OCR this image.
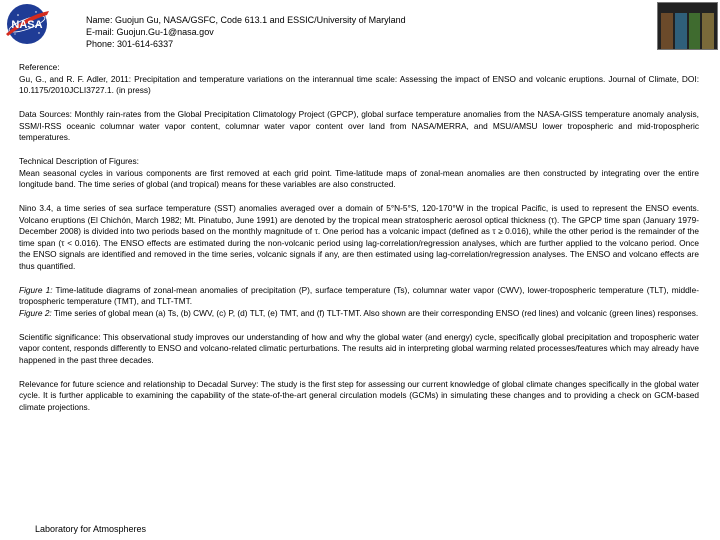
NASA	Name: Guojun Gu, NASA/GSFC, Code 613.1 and ESSIC/University of Maryland
E-mail: Guojun.Gu-1@nasa.gov
Phone: 301-614-6337

Reference:
Gu, G., and R. F. Adler, 2011: Precipitation and temperature variations on the interannual time scale: Assessing the impact of ENSO and volcanic eruptions. Journal of Climate, DOI: 10.1175/2010JCLI3727.1. (in press)

Data Sources: Monthly rain-rates from the Global Precipitation Climatology Project (GPCP), global surface temperature anomalies from the NASA-GISS temperature anomaly analysis, SSM/I-RSS oceanic columnar water vapor content, columnar water vapor content over land from NASA/MERRA, and MSU/AMSU lower tropospheric and mid-tropospheric temperatures.

Technical Description of Figures:
Mean seasonal cycles in various components are first removed at each grid point. Time-latitude maps of zonal-mean anomalies are then constructed by integrating over the entire longitude band. The time series of global (and tropical) means for these variables are also constructed.

Nino 3.4, a time series of sea surface temperature (SST) anomalies averaged over a domain of 5°N-5°S, 120-170°W in the tropical Pacific, is used to represent the ENSO events. Volcano eruptions (El Chichón, March 1982; Mt. Pinatubo, June 1991) are denoted by the tropical mean stratospheric aerosol optical thickness (τ). The GPCP time span (January 1979-December 2008) is divided into two periods based on the monthly magnitude of τ. One period has a volcanic impact (defined as τ ≥ 0.016), while the other period is the remainder of the time span (τ < 0.016). The ENSO effects are estimated during the non-volcanic period using lag-correlation/regression analyses, which are further applied to the volcano period. Once the ENSO signals are identified and removed in the time series, volcanic signals if any, are then estimated using lag-correlation/regression analyses. The ENSO and volcano effects are thus quantified.

Figure 1: Time-latitude diagrams of zonal-mean anomalies of precipitation (P), surface temperature (Ts), columnar water vapor (CWV), lower-tropospheric temperature (TLT), middle-tropospheric temperature (TMT), and TLT-TMT.

Figure 2: Time series of global mean (a) Ts, (b) CWV, (c) P, (d) TLT, (e) TMT, and (f) TLT-TMT. Also shown are their corresponding ENSO (red lines) and volcanic (green lines) responses.

Scientific significance: This observational study improves our understanding of how and why the global water (and energy) cycle, specifically global precipitation and tropospheric water vapor content, responds differently to ENSO and volcano-related climatic perturbations. The results aid in interpreting global warming related processes/features which may already have happened in the past three decades.

Relevance for future science and relationship to Decadal Survey: The study is the first step for assessing our current knowledge of global climate changes specifically in the global water cycle. It is further applicable to examining the capability of the state-of-the-art general circulation models (GCMs) in simulating these changes and to providing a check on GCM-based climate projections.

Laboratory for Atmospheres
